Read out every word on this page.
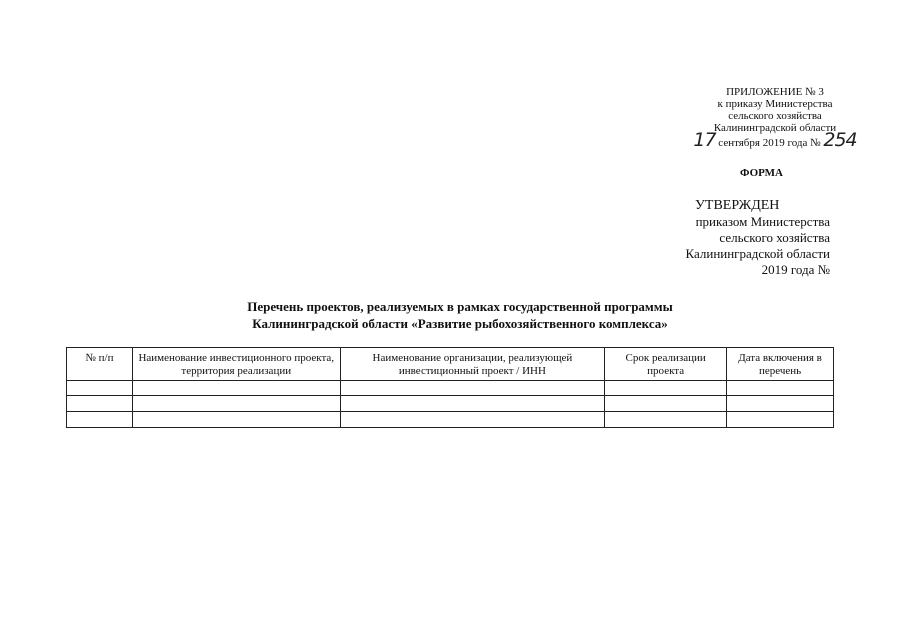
ПРИЛОЖЕНИЕ № 3
к приказу Министерства
сельского хозяйства
Калининградской области
17 сентября 2019 года № 254
ФОРМА
УТВЕРЖДЕН
приказом Министерства
сельского хозяйства
Калининградской области
2019 года №
Перечень проектов, реализуемых в рамках государственной программы
Калининградской области «Развитие рыбохозяйственного комплекса»
№ п/п	Наименование инвестиционного проекта, территория реализации	Наименование организации, реализующей инвестиционный проект / ИНН	Срок реализации проекта	Дата включения в перечень
